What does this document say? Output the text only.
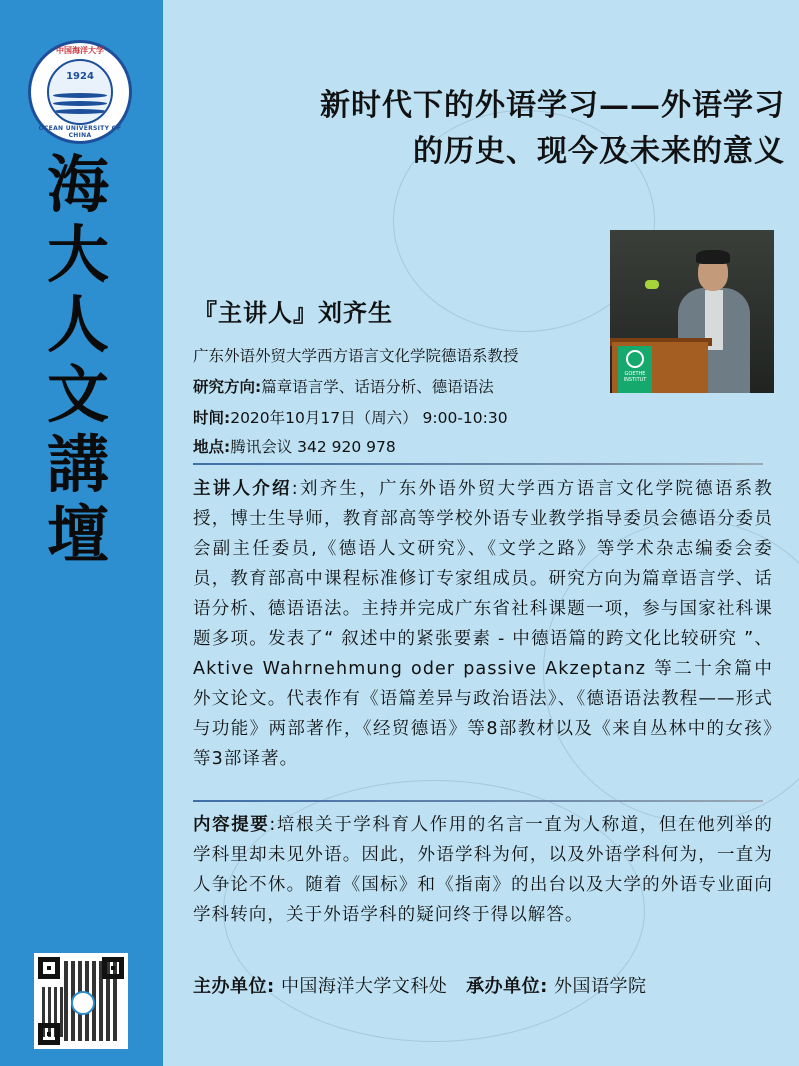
中国海洋大学
1924
OCEAN UNIVERSITY OF CHINA
海
大
人
文
講
壇
新时代下的外语学习——外语学习
的历史、现今及未来的意义
GOETHE INSTITUT
『主讲人』刘齐生
广东外语外贸大学西方语言文化学院德语系教授
研究方向:篇章语言学、话语分析、德语语法
时间:2020年10月17日（周六） 9:00-10:30
地点:腾讯会议 342 920 978

主讲人介绍:刘齐生，广东外语外贸大学西方语言文化学院德语系教授，博士生导师，教育部高等学校外语专业教学指导委员会德语分委员会副主任委员,《德语人文研究》、《文学之路》等学术杂志编委会委员，教育部高中课程标准修订专家组成员。研究方向为篇章语言学、话语分析、德语语法。主持并完成广东省社科课题一项，参与国家社科课题多项。发表了“ 叙述中的紧张要素 - 中德语篇的跨文化比较研究 ”、Aktive Wahrnehmung oder passive Akzeptanz 等二十余篇中外文论文。代表作有《语篇差异与政治语法》、《德语语法教程——形式与功能》两部著作，《经贸德语》等8部教材以及《来自丛林中的女孩》等3部译著。

内容提要:培根关于学科育人作用的名言一直为人称道，但在他列举的学科里却未见外语。因此，外语学科为何，以及外语学科何为，一直为人争论不休。随着《国标》和《指南》的出台以及大学的外语专业面向学科转向，关于外语学科的疑问终于得以解答。

主办单位: 中国海洋大学文科处 承办单位: 外国语学院
